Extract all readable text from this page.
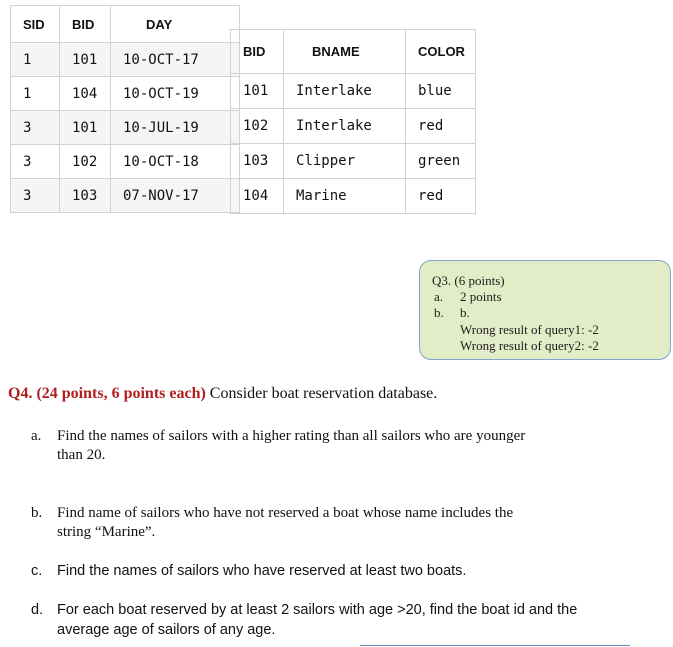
SID	BID	DAY
1	101	10-OCT-17
1	104	10-OCT-19
3	101	10-JUL-19
3	102	10-OCT-18
3	103	07-NOV-17
BID	BNAME	COLOR
101	Interlake	blue
102	Interlake	red
103	Clipper	green
104	Marine	red
Q3. (6 points)
a. 2 points
b. b.
Wrong result of query1: -2
Wrong result of query2: -2
Q4. (24 points, 6 points each) Consider boat reservation database.
a. Find the names of sailors with a higher rating than all sailors who are younger
than 20.
b. Find name of sailors who have not reserved a boat whose name includes the
string “Marine”.
c. Find the names of sailors who have reserved at least two boats.
d. For each boat reserved by at least 2 sailors with age >20, find the boat id and the
average age of sailors of any age.
